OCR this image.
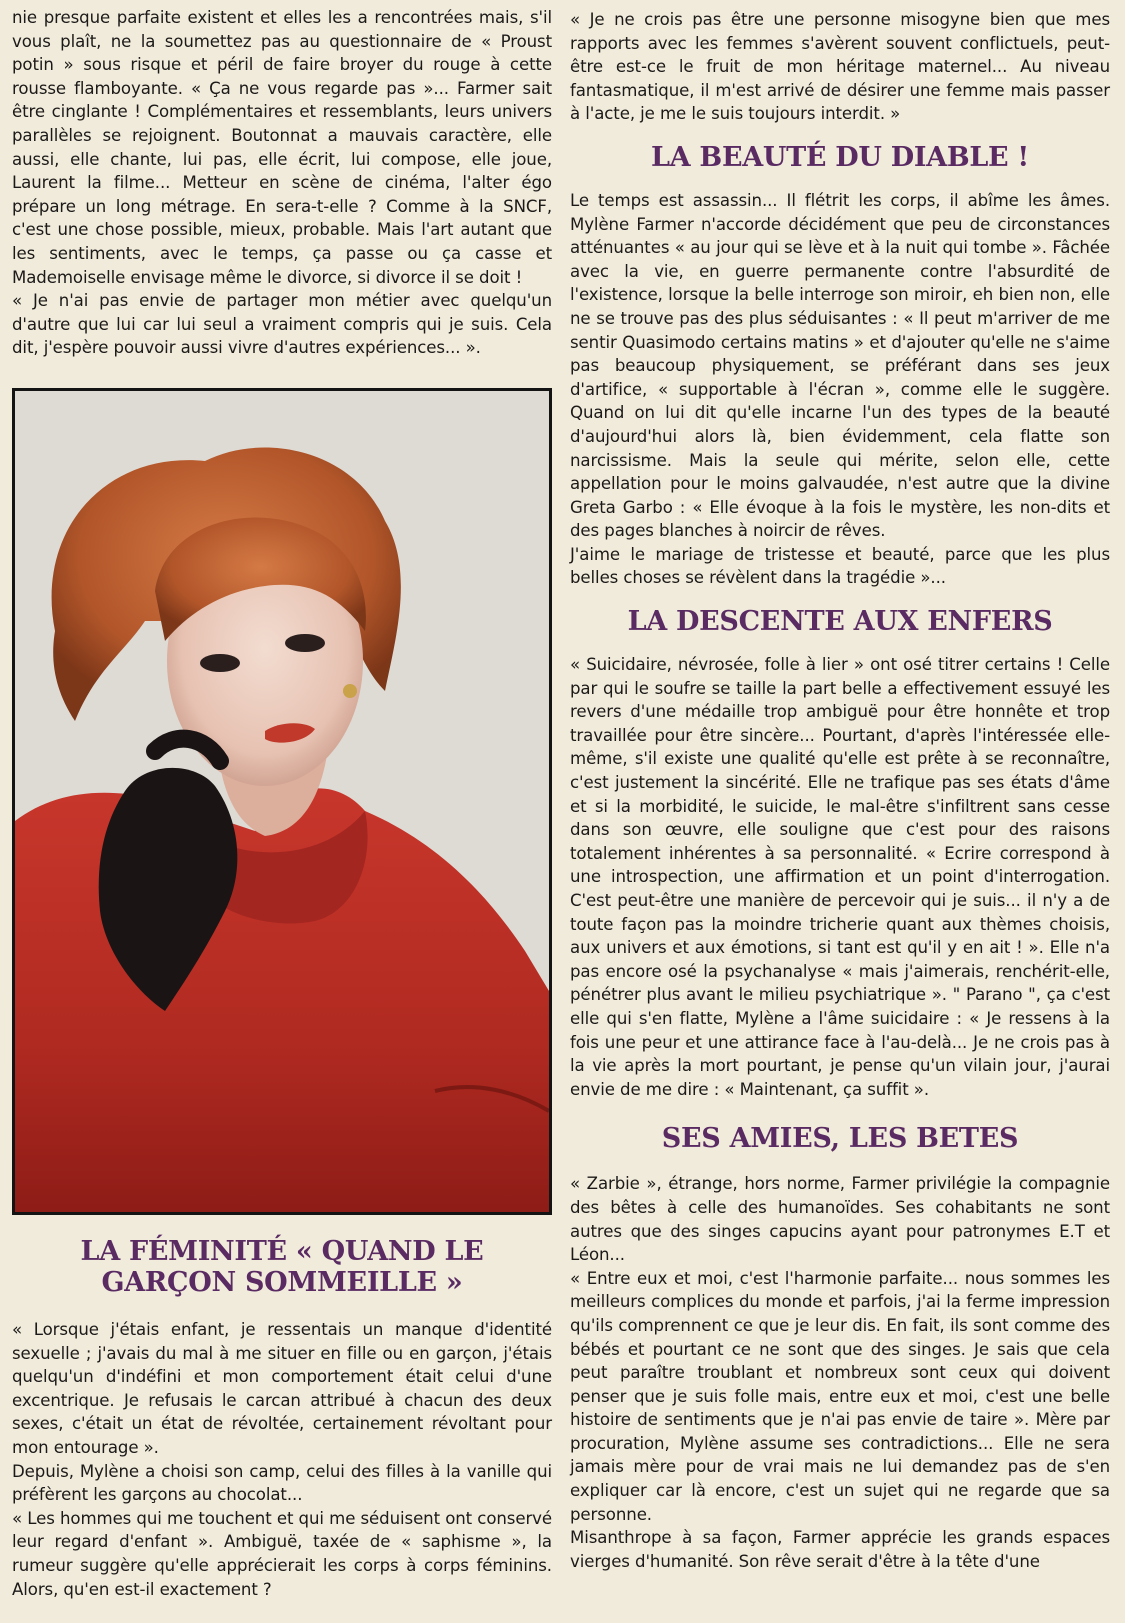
nie presque parfaite existent et elles les a rencontrées mais, s'il vous plaît, ne la soumettez pas au questionnaire de « Proust potin » sous risque et péril de faire broyer du rouge à cette rousse flamboyante. « Ça ne vous regarde pas »... Farmer sait être cinglante ! Complémentaires et ressemblants, leurs univers parallèles se rejoignent. Boutonnat a mauvais caractère, elle aussi, elle chante, lui pas, elle écrit, lui compose, elle joue, Laurent la filme... Metteur en scène de cinéma, l'alter égo prépare un long métrage. En sera-t-elle ? Comme à la SNCF, c'est une chose possible, mieux, probable. Mais l'art autant que les sentiments, avec le temps, ça passe ou ça casse et Mademoiselle envisage même le divorce, si divorce il se doit !

« Je n'ai pas envie de partager mon métier avec quelqu'un d'autre que lui car lui seul a vraiment compris qui je suis. Cela dit, j'espère pouvoir aussi vivre d'autres expériences... ».

LA FÉMINITÉ « QUAND LE GARÇON SOMMEILLE »

« Lorsque j'étais enfant, je ressentais un manque d'identité sexuelle ; j'avais du mal à me situer en fille ou en garçon, j'étais quelqu'un d'indéfini et mon comportement était celui d'une excentrique. Je refusais le carcan attribué à chacun des deux sexes, c'était un état de révoltée, certainement révoltant pour mon entourage ».

Depuis, Mylène a choisi son camp, celui des filles à la vanille qui préfèrent les garçons au chocolat...

« Les hommes qui me touchent et qui me séduisent ont conservé leur regard d'enfant ». Ambiguë, taxée de « saphisme », la rumeur suggère qu'elle apprécierait les corps à corps féminins. Alors, qu'en est-il exactement ?

« Je ne crois pas être une personne misogyne bien que mes rapports avec les femmes s'avèrent souvent conflictuels, peut-être est-ce le fruit de mon héritage maternel... Au niveau fantasmatique, il m'est arrivé de désirer une femme mais passer à l'acte, je me le suis toujours interdit. »

LA BEAUTÉ DU DIABLE !

Le temps est assassin... Il flétrit les corps, il abîme les âmes. Mylène Farmer n'accorde décidément que peu de circonstances atténuantes « au jour qui se lève et à la nuit qui tombe ». Fâchée avec la vie, en guerre permanente contre l'absurdité de l'existence, lorsque la belle interroge son miroir, eh bien non, elle ne se trouve pas des plus séduisantes : « Il peut m'arriver de me sentir Quasimodo certains matins » et d'ajouter qu'elle ne s'aime pas beaucoup physiquement, se préférant dans ses jeux d'artifice, « supportable à l'écran », comme elle le suggère. Quand on lui dit qu'elle incarne l'un des types de la beauté d'aujourd'hui alors là, bien évidemment, cela flatte son narcissisme. Mais la seule qui mérite, selon elle, cette appellation pour le moins galvaudée, n'est autre que la divine Greta Garbo : « Elle évoque à la fois le mystère, les non-dits et des pages blanches à noircir de rêves.

J'aime le mariage de tristesse et beauté, parce que les plus belles choses se révèlent dans la tragédie »...

LA DESCENTE AUX ENFERS

« Suicidaire, névrosée, folle à lier » ont osé titrer certains ! Celle par qui le soufre se taille la part belle a effectivement essuyé les revers d'une médaille trop ambiguë pour être honnête et trop travaillée pour être sincère... Pourtant, d'après l'intéressée elle-même, s'il existe une qualité qu'elle est prête à se reconnaître, c'est justement la sincérité. Elle ne trafique pas ses états d'âme et si la morbidité, le suicide, le mal-être s'infiltrent sans cesse dans son œuvre, elle souligne que c'est pour des raisons totalement inhérentes à sa personnalité. « Ecrire correspond à une introspection, une affirmation et un point d'interrogation. C'est peut-être une manière de percevoir qui je suis... il n'y a de toute façon pas la moindre tricherie quant aux thèmes choisis, aux univers et aux émotions, si tant est qu'il y en ait ! ». Elle n'a pas encore osé la psychanalyse « mais j'aimerais, renchérit-elle, pénétrer plus avant le milieu psychiatrique ». " Parano ", ça c'est elle qui s'en flatte, Mylène a l'âme suicidaire : « Je ressens à la fois une peur et une attirance face à l'au-delà... Je ne crois pas à la vie après la mort pourtant, je pense qu'un vilain jour, j'aurai envie de me dire : « Maintenant, ça suffit ».

SES AMIES, LES BETES

« Zarbie », étrange, hors norme, Farmer privilégie la compagnie des bêtes à celle des humanoïdes. Ses cohabitants ne sont autres que des singes capucins ayant pour patronymes E.T et Léon...

« Entre eux et moi, c'est l'harmonie parfaite... nous sommes les meilleurs complices du monde et parfois, j'ai la ferme impression qu'ils comprennent ce que je leur dis. En fait, ils sont comme des bébés et pourtant ce ne sont que des singes. Je sais que cela peut paraître troublant et nombreux sont ceux qui doivent penser que je suis folle mais, entre eux et moi, c'est une belle histoire de sentiments que je n'ai pas envie de taire ». Mère par procuration, Mylène assume ses contradictions... Elle ne sera jamais mère pour de vrai mais ne lui demandez pas de s'en expliquer car là encore, c'est un sujet qui ne regarde que sa personne.

Misanthrope à sa façon, Farmer apprécie les grands espaces vierges d'humanité. Son rêve serait d'être à la tête d'une
